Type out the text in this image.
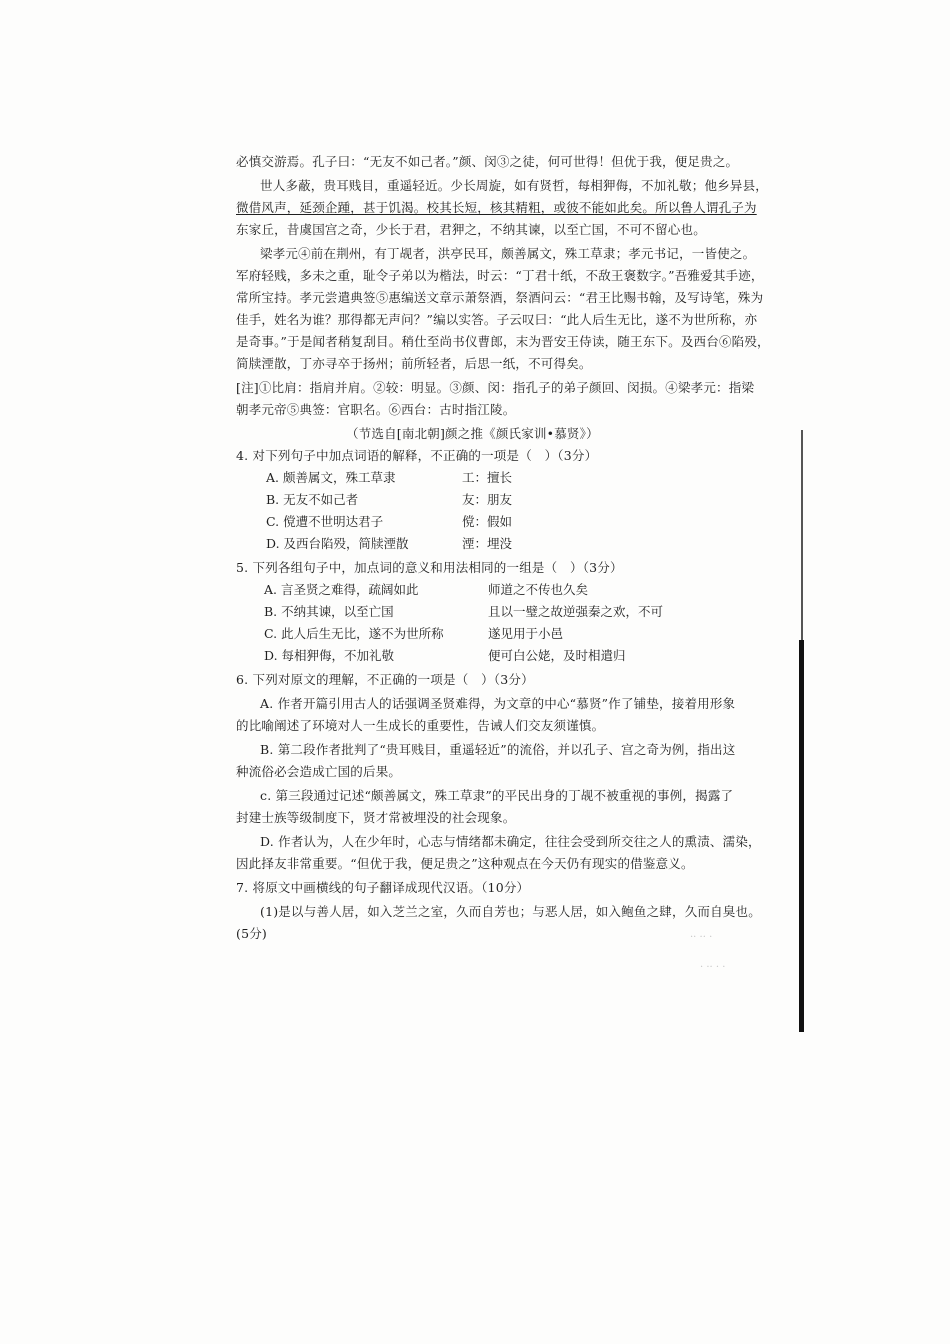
必慎交游焉。孔子曰：“无友不如己者。”颜、闵③之徒，何可世得！但优于我，便足贵之。
世人多蔽，贵耳贱目，重遥轻近。少长周旋，如有贤哲，每相狎侮，不加礼敬；他乡异县，
微借风声，延颈企踵，甚于饥渴。校其长短，核其精粗，或彼不能如此矣。所以鲁人谓孔子为
东家丘，昔虞国宫之奇，少长于君，君狎之，不纳其谏，以至亡国，不可不留心也。
梁孝元④前在荆州，有丁觇者，洪亭民耳，颇善属文，殊工草隶；孝元书记，一皆使之。
军府轻贱，多未之重，耻令子弟以为楷法，时云：“丁君十纸，不敌王褒数字。”吾雅爱其手迹，
常所宝持。孝元尝遣典签⑤惠编送文章示萧祭酒，祭酒问云：“君王比赐书翰，及写诗笔，殊为
佳手，姓名为谁？那得都无声问？”编以实答。子云叹曰：“此人后生无比，遂不为世所称，亦
是奇事。”于是闻者稍复刮目。稍仕至尚书仪曹郎，末为晋安王侍读，随王东下。及西台⑥陷殁，
简牍湮散，丁亦寻卒于扬州；前所轻者，后思一纸，不可得矣。
[注]①比肩：指肩并肩。②较：明显。③颜、闵：指孔子的弟子颜回、闵损。④梁孝元：指梁
朝孝元帝⑤典签：官职名。⑥西台：古时指江陵。
（节选自[南北朝]颜之推《颜氏家训•慕贤》）
4. 对下列句子中加点词语的解释，不正确的一项是（　）（3分）
A. 颇善属文，殊工草隶	工：擅长
B. 无友不如己者	友：朋友
C. 傥遭不世明达君子	傥：假如
D. 及西台陷殁，简牍湮散	湮：埋没
5. 下列各组句子中，加点词的意义和用法相同的一组是（　）（3分）
A. 言圣贤之难得，疏阔如此	师道之不传也久矣
B. 不纳其谏，以至亡国	且以一璧之故逆强秦之欢，不可
C. 此人后生无比，遂不为世所称	遂见用于小邑
D. 每相狎侮，不加礼敬	便可白公姥，及时相遣归
6. 下列对原文的理解，不正确的一项是（　）（3分）
A. 作者开篇引用古人的话强调圣贤难得，为文章的中心“慕贤”作了铺垫，接着用形象
的比喻阐述了环境对人一生成长的重要性，告诫人们交友须谨慎。
B. 第二段作者批判了“贵耳贱目，重遥轻近”的流俗，并以孔子、宫之奇为例，指出这
种流俗必会造成亡国的后果。
c. 第三段通过记述“颇善属文，殊工草隶”的平民出身的丁觇不被重视的事例，揭露了
封建士族等级制度下，贤才常被埋没的社会现象。
D. 作者认为，人在少年时，心志与情绪都未确定，往往会受到所交往之人的熏渍、濡染，
因此择友非常重要。“但优于我，便足贵之”这种观点在今天仍有现实的借鉴意义。
7. 将原文中画横线的句子翻译成现代汉语。（10分）
(1)是以与善人居，如入芝兰之室，久而自芳也；与恶人居，如入鲍鱼之肆，久而自臭也。
(5分)	·· ·· ·
· ·· · ·
